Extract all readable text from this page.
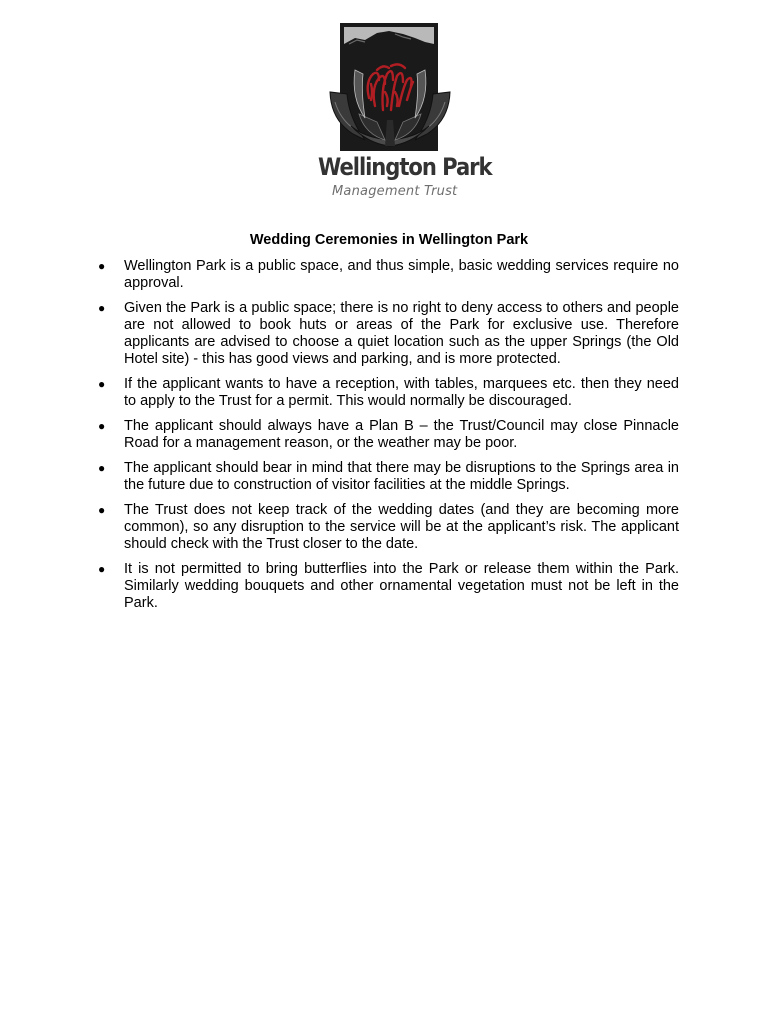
Wellington Park
Management Trust
Wedding Ceremonies in Wellington Park
● Wellington Park is a public space, and thus simple, basic wedding services require no approval.
● Given the Park is a public space; there is no right to deny access to others and people are not allowed to book huts or areas of the Park for exclusive use. Therefore applicants are advised to choose a quiet location such as the upper Springs (the Old Hotel site) - this has good views and parking, and is more protected.
● If the applicant wants to have a reception, with tables, marquees etc. then they need to apply to the Trust for a permit. This would normally be discouraged.
● The applicant should always have a Plan B – the Trust/Council may close Pinnacle Road for a management reason, or the weather may be poor.
● The applicant should bear in mind that there may be disruptions to the Springs area in the future due to construction of visitor facilities at the middle Springs.
● The Trust does not keep track of the wedding dates (and they are becoming more common), so any disruption to the service will be at the applicant’s risk. The applicant should check with the Trust closer to the date.
● It is not permitted to bring butterflies into the Park or release them within the Park. Similarly wedding bouquets and other ornamental vegetation must not be left in the Park.
